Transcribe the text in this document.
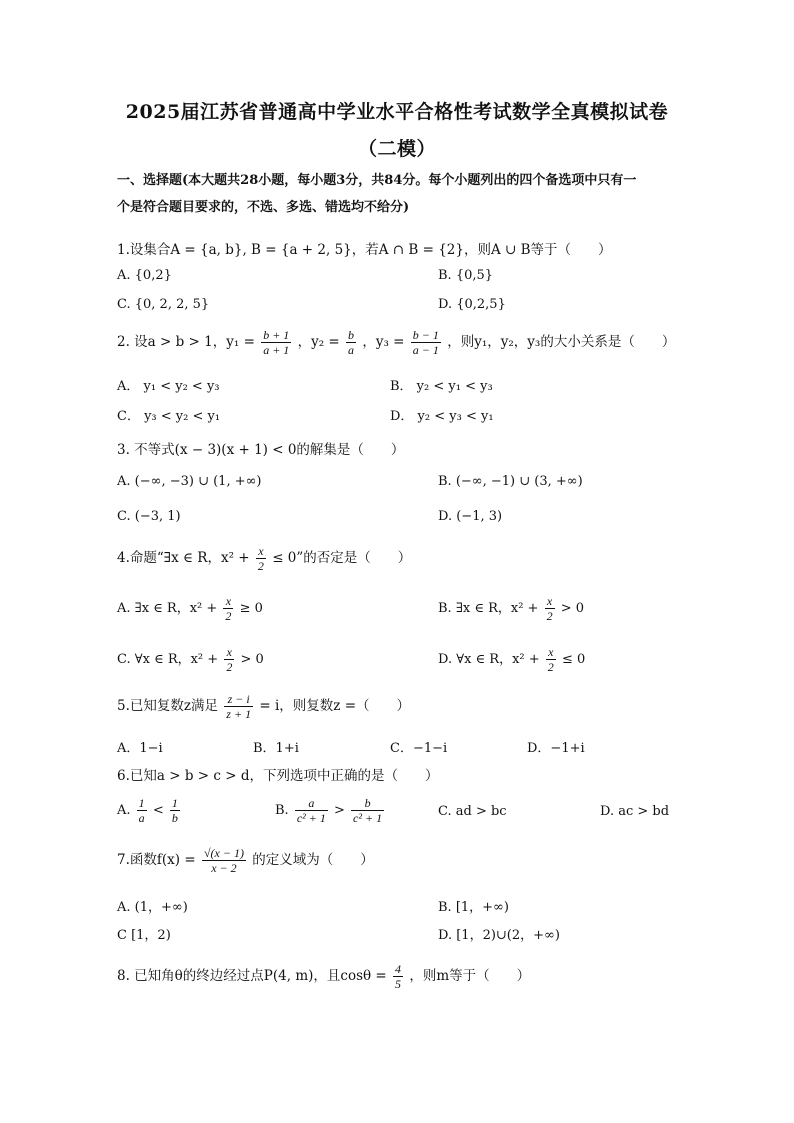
2025届江苏省普通高中学业水平合格性考试数学全真模拟试卷
（二模）
一、选择题(本大题共28小题，每小题3分，共84分。每个小题列出的四个备选项中只有一
个是符合题目要求的，不选、多选、错选均不给分)
1.设集合A = {a, b}, B = {a + 2, 5}，若A ∩ B = {2}，则A ∪ B等于（　　）
A. {0,2}	B. {0,5}
C. {0, 2, 2, 5}	D. {0,2,5}
2. 设a > b > 1，$y_1 = \frac{b + 1}{a + 1}$ ，$y_2 = \frac{b}{a}$ ，$y_3 = \frac{b - 1}{a - 1}$ ，则y₁，y₂，y₃的大小关系是（　　）
A． y₁ < y₂ < y₃	B． y₂ < y₁ < y₃
C． y₃ < y₂ < y₁	D． y₂ < y₃ < y₁
3. 不等式(x − 3)(x + 1) < 0的解集是（　　）
A. (−∞, −3) ∪ (1, +∞)	B. (−∞, −1) ∪ (3, +∞)
C. (−3, 1)	D. (−1, 3)
4.命题“∃x ∈ R，$x^2 + \frac{x}{2} \le 0$”的否定是（　　）
A. ∃x ∈ R，$x^2 + \frac{x}{2} \ge 0$	B. ∃x ∈ R，$x^2 + \frac{x}{2} > 0$
C. ∀x ∈ R，$x^2 + \frac{x}{2} > 0$	D. ∀x ∈ R，$x^2 + \frac{x}{2} \le 0$
5.已知复数z满足 $\frac{z - i}{z + 1} = i$，则复数z =（　　）
A．1−i	B．1+i	C．−1−i	D．−1+i
6.已知a > b > c > d，下列选项中正确的是（　　）
A. $\frac{1}{a} < \frac{1}{b}$	B. $\frac{a}{\text{c² + 1}} > \frac{b}{\text{c² + 1}}$	C. ad > bc	D. ac > bd
7.函数$f(x) = \frac{√(x - 1)}{x - 2}$ 的定义域为（　　）
A. (1，+∞)	B. [1，+∞)
C [1，2)	D. [1，2)∪(2，+∞)
8. 已知角θ的终边经过点P(4, m)，且$\cos\theta = \frac{4}{5}$ ，则m等于（　　）
